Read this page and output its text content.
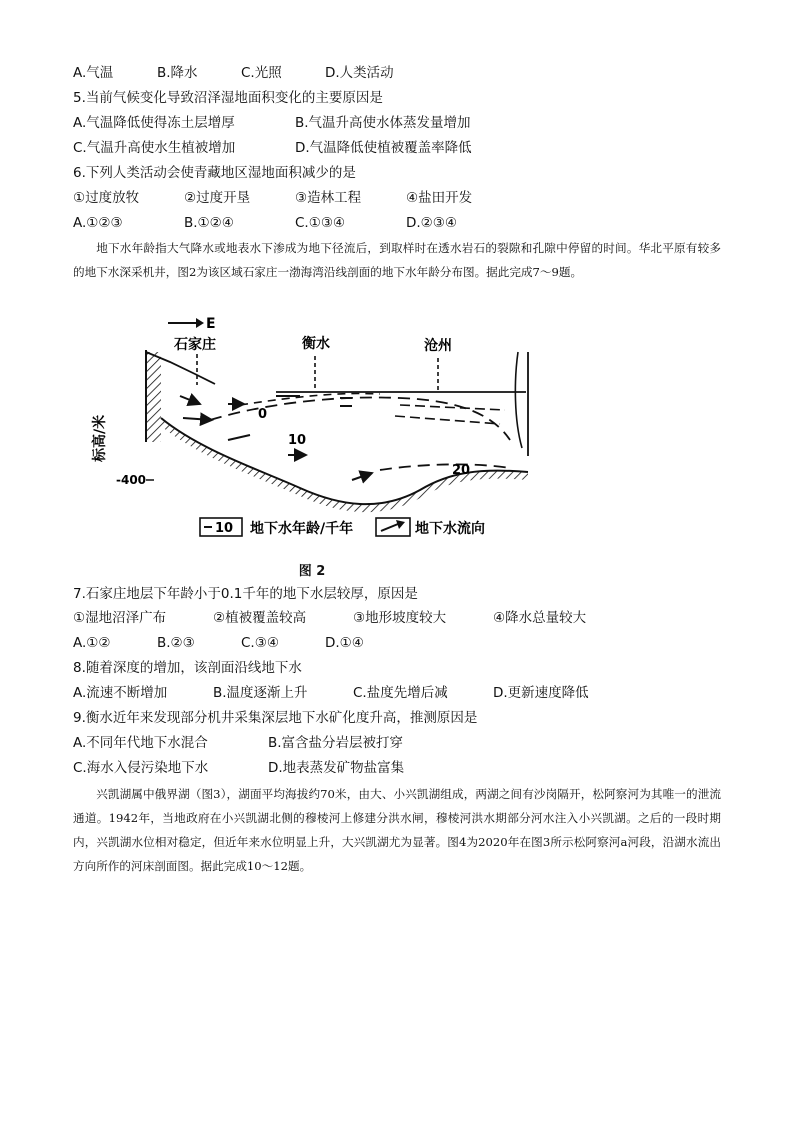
A.气温	B.降水	C.光照	D.人类活动
5.当前气候变化导致沼泽湿地面积变化的主要原因是
A.气温降低使得冻土层增厚	B.气温升高使水体蒸发量增加
C.气温升高使水生植被增加	D.气温降低使植被覆盖率降低
6.下列人类活动会使青藏地区湿地面积减少的是
①过度放牧	②过度开垦	③造林工程	④盐田开发
A.①②③	B.①②④	C.①③④	D.②③④

地下水年龄指大气降水或地表水下渗成为地下径流后，到取样时在透水岩石的裂隙和孔隙中停留的时间。华北平原有较多的地下水深采机井，图2为该区域石家庄一渤海湾沿线剖面的地下水年龄分布图。据此完成7～9题。

E
石家庄	衡水	沧州
0
10
20
标高/米
-400
10 地下水年龄/千年	地下水流向
图 2
7.石家庄地层下年龄小于0.1千年的地下水层较厚，原因是
①湿地沼泽广布	②植被覆盖较高	③地形坡度较大	④降水总量较大
A.①②	B.②③	C.③④	D.①④
8.随着深度的增加，该剖面沿线地下水
A.流速不断增加	B.温度逐渐上升	C.盐度先增后减	D.更新速度降低
9.衡水近年来发现部分机井采集深层地下水矿化度升高，推测原因是
A.不同年代地下水混合	B.富含盐分岩层被打穿
C.海水入侵污染地下水	D.地表蒸发矿物盐富集

兴凯湖属中俄界湖（图3），湖面平均海拔约70米，由大、小兴凯湖组成，两湖之间有沙岗隔开，松阿察河为其唯一的泄流通道。1942年，当地政府在小兴凯湖北侧的穆棱河上修建分洪水闸，穆棱河洪水期部分河水注入小兴凯湖。之后的一段时期内，兴凯湖水位相对稳定，但近年来水位明显上升，大兴凯湖尤为显著。图4为2020年在图3所示松阿察河a河段，沿湖水流出方向所作的河床剖面图。据此完成10～12题。
